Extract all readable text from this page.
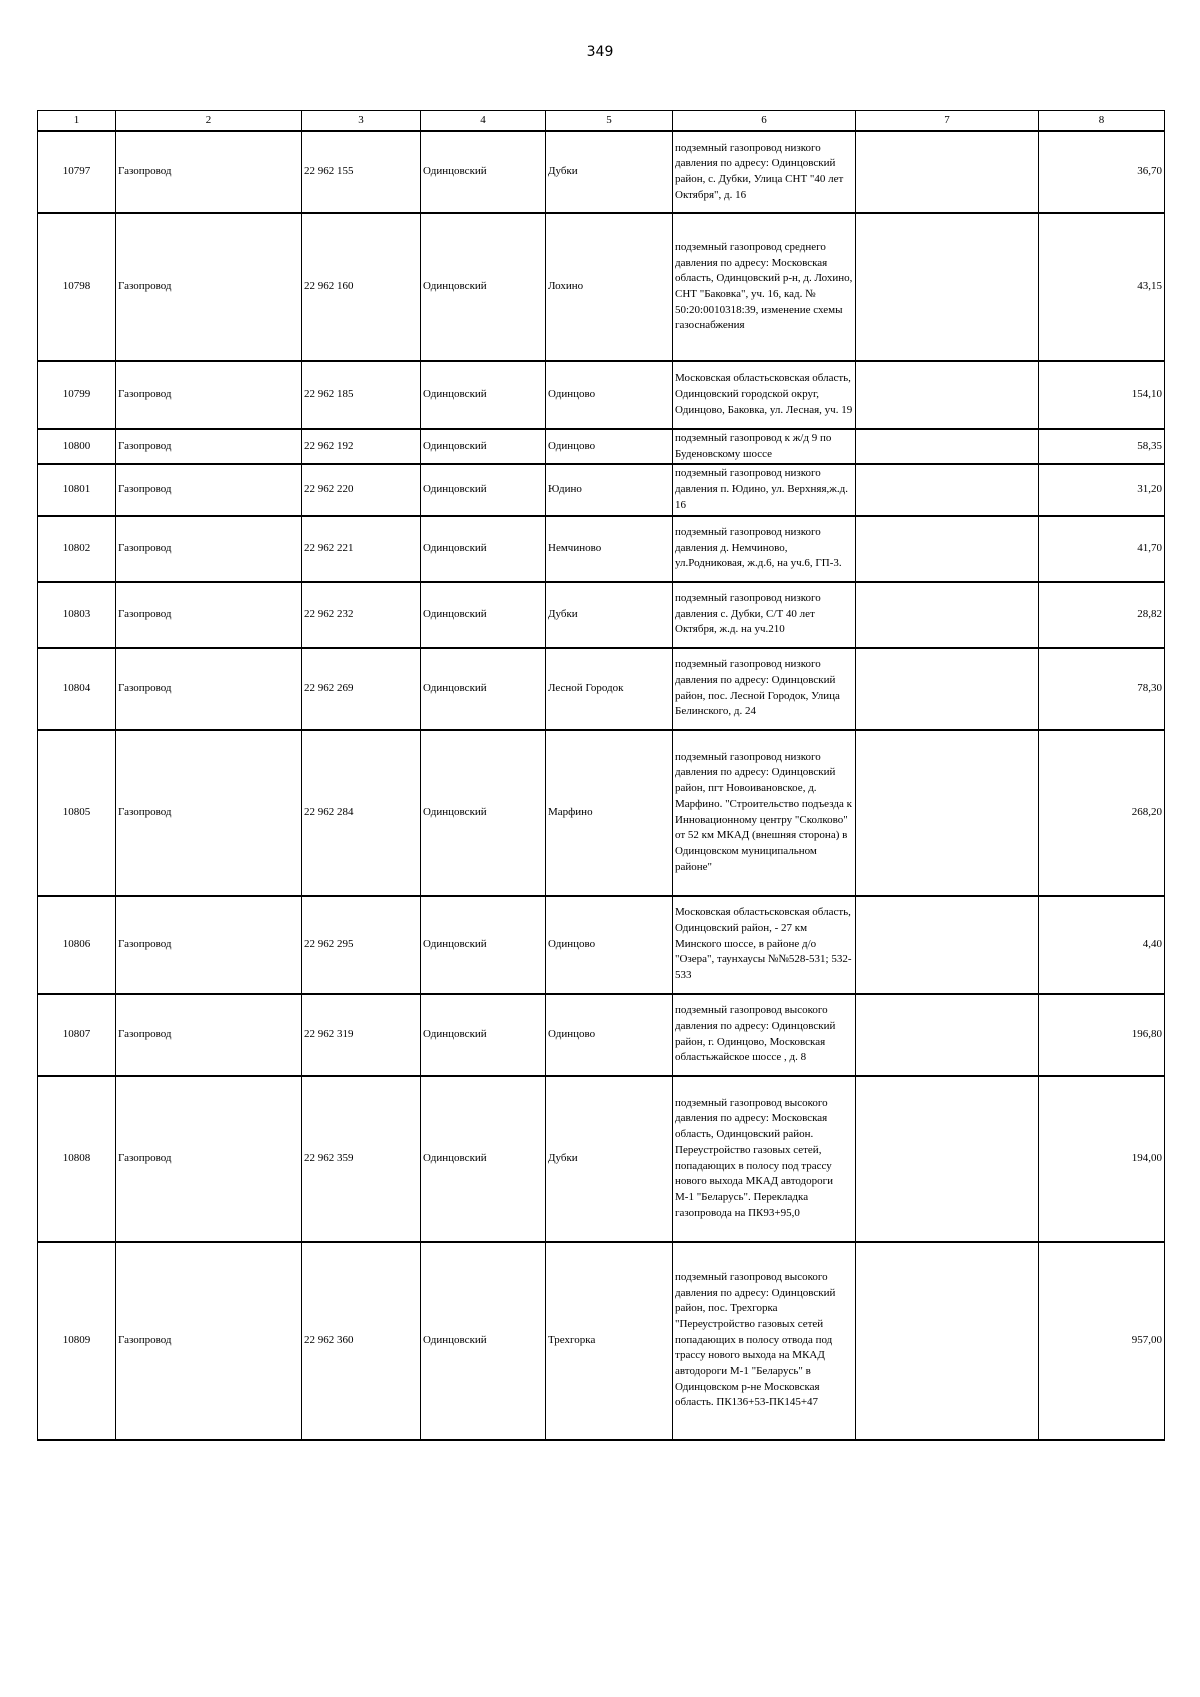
349
1	2	3	4	5	6	7	8
10797	Газопровод	22 962 155	Одинцовский	Дубки	подземный газопровод низкого давления по адресу: Одинцовский район, с. Дубки, Улица СНТ "40 лет Октября", д. 16		36,70
10798	Газопровод	22 962 160	Одинцовский	Лохино	подземный газопровод среднего давления по адресу: Московская область, Одинцовский р-н, д. Лохино, СНТ "Баковка", уч. 16, кад. № 50:20:0010318:39, изменение схемы газоснабжения		43,15
10799	Газопровод	22 962 185	Одинцовский	Одинцово	Московская областьсковская область, Одинцовский городской округ, Одинцово, Баковка, ул. Лесная, уч. 19		154,10
10800	Газопровод	22 962 192	Одинцовский	Одинцово	подземный газопровод к ж/д 9 по Буденовскому шоссе		58,35
10801	Газопровод	22 962 220	Одинцовский	Юдино	подземный газопровод низкого давления п. Юдино, ул. Верхняя,ж.д. 16		31,20
10802	Газопровод	22 962 221	Одинцовский	Немчиново	подземный газопровод низкого давления д. Немчиново, ул.Родниковая, ж.д.6, на уч.6, ГП-3.		41,70
10803	Газопровод	22 962 232	Одинцовский	Дубки	подземный газопровод низкого давления с. Дубки, С/Т 40 лет Октября, ж.д. на уч.210		28,82
10804	Газопровод	22 962 269	Одинцовский	Лесной Городок	подземный газопровод низкого давления по адресу: Одинцовский район, пос. Лесной Городок, Улица Белинского, д. 24		78,30
10805	Газопровод	22 962 284	Одинцовский	Марфино	подземный газопровод низкого давления по адресу: Одинцовский район, пгт Новоивановское, д. Марфино. "Строительство подъезда к Инновационному центру "Сколково" от 52 км МКАД (внешняя сторона) в Одинцовском муниципальном районе"		268,20
10806	Газопровод	22 962 295	Одинцовский	Одинцово	Московская областьсковская область, Одинцовский район, - 27 км Минского шоссе, в районе д/о "Озера", таунхаусы №№528-531; 532-533		4,40
10807	Газопровод	22 962 319	Одинцовский	Одинцово	подземный газопровод высокого давления по адресу: Одинцовский район, г. Одинцово, Московская областьжайское шоссе , д. 8		196,80
10808	Газопровод	22 962 359	Одинцовский	Дубки	подземный газопровод высокого давления по адресу: Московская область, Одинцовский район. Переустройство газовых сетей, попадающих в полосу под трассу нового выхода МКАД автодороги М-1 "Беларусь". Перекладка газопровода на ПК93+95,0		194,00
10809	Газопровод	22 962 360	Одинцовский	Трехгорка	подземный газопровод высокого давления по адресу: Одинцовский район, пос. Трехгорка "Переустройство газовых сетей попадающих в полосу отвода под трассу нового выхода на МКАД автодороги М-1 "Беларусь" в Одинцовском р-не Московская область. ПК136+53-ПК145+47		957,00
